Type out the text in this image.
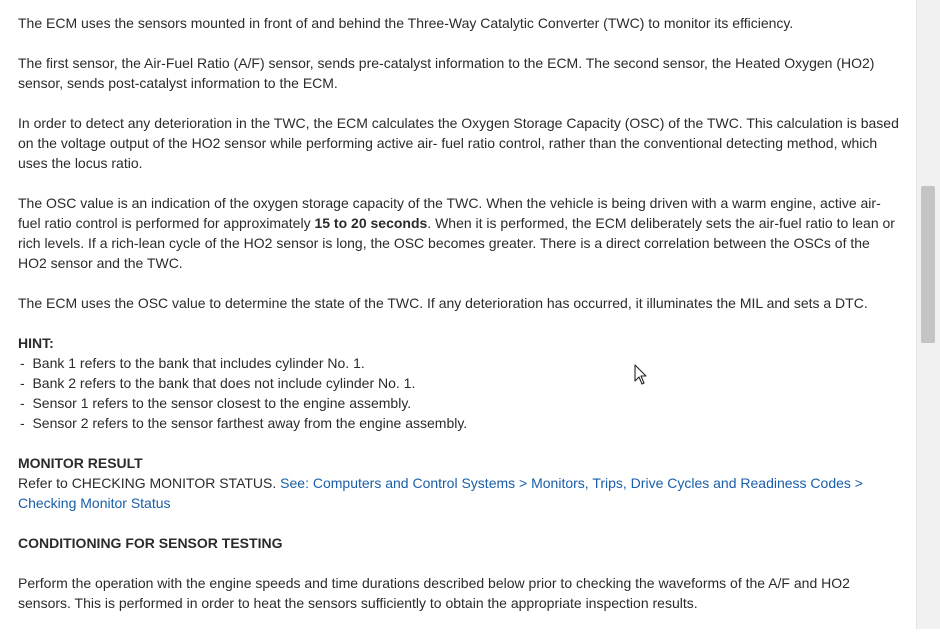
The ECM uses the sensors mounted in front of and behind the Three-Way Catalytic Converter (TWC) to monitor its efficiency.

The first sensor, the Air-Fuel Ratio (A/F) sensor, sends pre-catalyst information to the ECM. The second sensor, the Heated Oxygen (HO2) sensor, sends post-catalyst information to the ECM.

In order to detect any deterioration in the TWC, the ECM calculates the Oxygen Storage Capacity (OSC) of the TWC. This calculation is based on the voltage output of the HO2 sensor while performing active air- fuel ratio control, rather than the conventional detecting method, which uses the locus ratio.

The OSC value is an indication of the oxygen storage capacity of the TWC. When the vehicle is being driven with a warm engine, active air-fuel ratio control is performed for approximately 15 to 20 seconds. When it is performed, the ECM deliberately sets the air-fuel ratio to lean or rich levels. If a rich-lean cycle of the HO2 sensor is long, the OSC becomes greater. There is a direct correlation between the OSCs of the HO2 sensor and the TWC.

The ECM uses the OSC value to determine the state of the TWC. If any deterioration has occurred, it illuminates the MIL and sets a DTC.

HINT:
-  Bank 1 refers to the bank that includes cylinder No. 1.
-  Bank 2 refers to the bank that does not include cylinder No. 1.
-  Sensor 1 refers to the sensor closest to the engine assembly.
-  Sensor 2 refers to the sensor farthest away from the engine assembly.
MONITOR RESULT
Refer to CHECKING MONITOR STATUS. See: Computers and Control Systems > Monitors, Trips, Drive Cycles and Readiness Codes > Checking Monitor Status
CONDITIONING FOR SENSOR TESTING

Perform the operation with the engine speeds and time durations described below prior to checking the waveforms of the A/F and HO2 sensors. This is performed in order to heat the sensors sufficiently to obtain the appropriate inspection results.
